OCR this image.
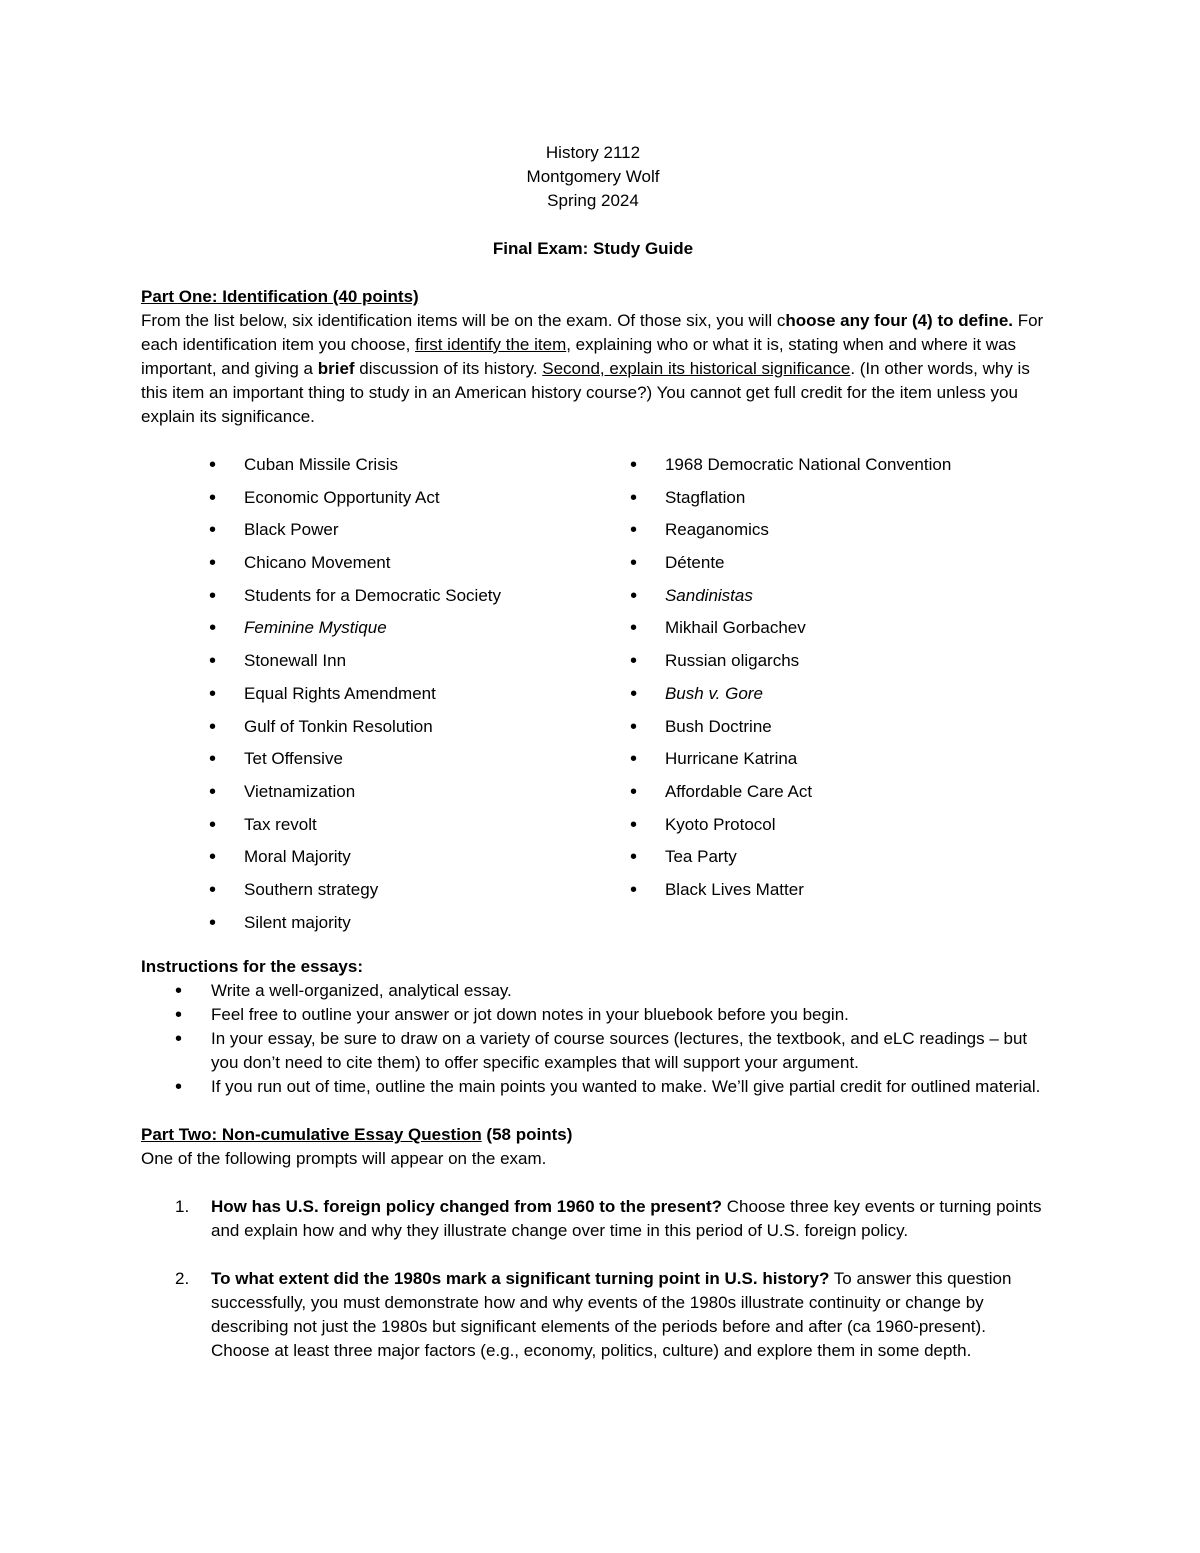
History 2112

Montgomery Wolf

Spring 2024

Final Exam: Study Guide

Part One: Identification (40 points)

From the list below, six identification items will be on the exam. Of those six, you will choose any four (4) to define. For each identification item you choose, first identify the item, explaining who or what it is, stating when and where it was important, and giving a brief discussion of its history. Second, explain its historical significance. (In other words, why is this item an important thing to study in an American history course?) You cannot get full credit for the item unless you explain its significance.

• Cuban Missile Crisis
• Economic Opportunity Act
• Black Power
• Chicano Movement
• Students for a Democratic Society
• Feminine Mystique
• Stonewall Inn
• Equal Rights Amendment
• Gulf of Tonkin Resolution
• Tet Offensive
• Vietnamization
• Tax revolt
• Moral Majority
• Southern strategy
• Silent majority
• 1968 Democratic National Convention
• Stagflation
• Reaganomics
• Détente
• Sandinistas
• Mikhail Gorbachev
• Russian oligarchs
• Bush v. Gore
• Bush Doctrine
• Hurricane Katrina
• Affordable Care Act
• Kyoto Protocol
• Tea Party
• Black Lives Matter

Instructions for the essays:

• Write a well-organized, analytical essay.
• Feel free to outline your answer or jot down notes in your bluebook before you begin.
• In your essay, be sure to draw on a variety of course sources (lectures, the textbook, and eLC readings – but you don’t need to cite them) to offer specific examples that will support your argument.
• If you run out of time, outline the main points you wanted to make. We’ll give partial credit for outlined material.

Part Two: Non-cumulative Essay Question (58 points)

One of the following prompts will appear on the exam.

1. How has U.S. foreign policy changed from 1960 to the present? Choose three key events or turning points and explain how and why they illustrate change over time in this period of U.S. foreign policy.
2. To what extent did the 1980s mark a significant turning point in U.S. history? To answer this question successfully, you must demonstrate how and why events of the 1980s illustrate continuity or change by describing not just the 1980s but significant elements of the periods before and after (ca 1960-present). Choose at least three major factors (e.g., economy, politics, culture) and explore them in some depth.
